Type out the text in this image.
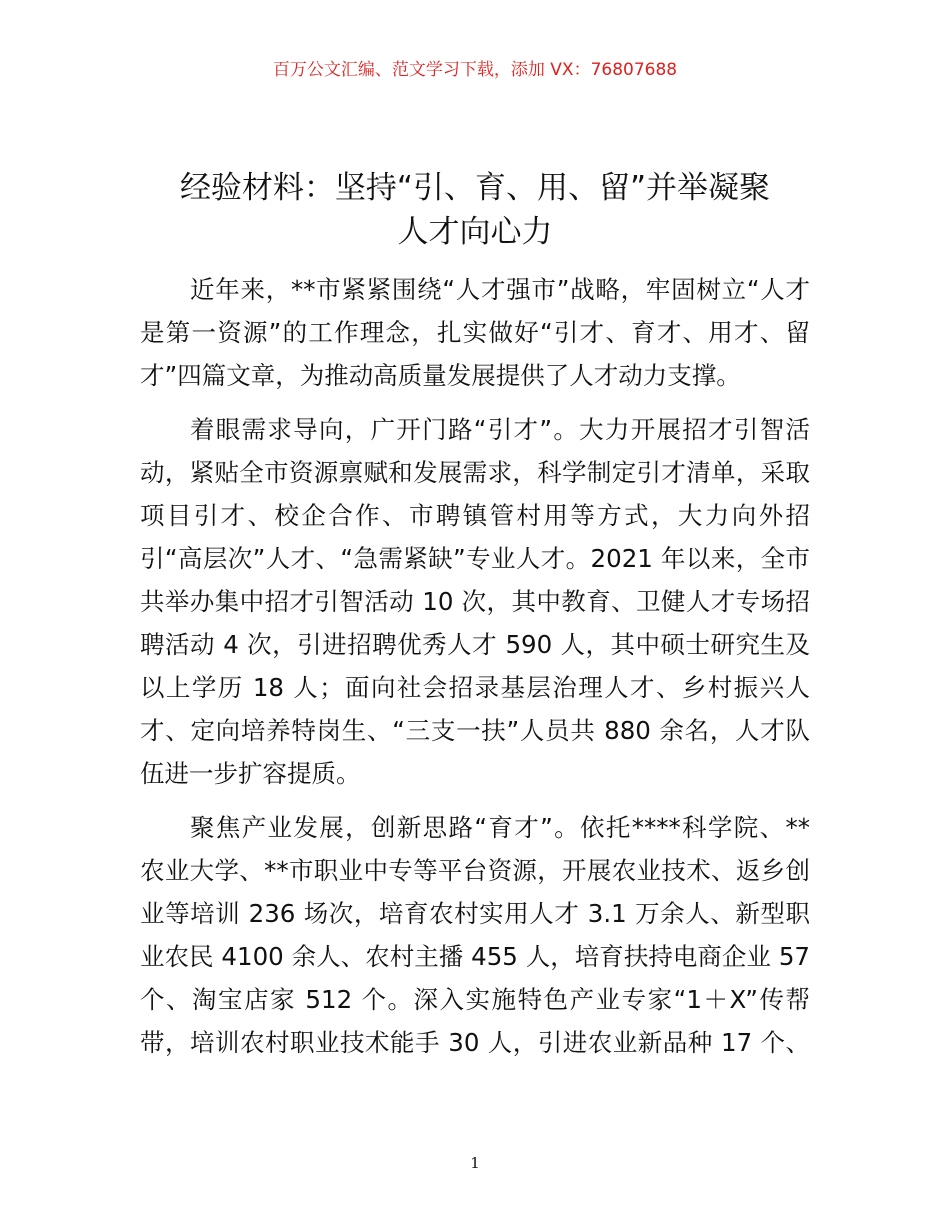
百万公文汇编、范文学习下载，添加 VX：76807688
经验材料：坚持“引、育、用、留”并举凝聚
人才向心力
近年来，**市紧紧围绕“人才强市”战略，牢固树立“人才
是第一资源”的工作理念，扎实做好“引才、育才、用才、留
才”四篇文章，为推动高质量发展提供了人才动力支撑。
着眼需求导向，广开门路“引才”。大力开展招才引智活
动，紧贴全市资源禀赋和发展需求，科学制定引才清单，采取
项目引才、校企合作、市聘镇管村用等方式，大力向外招
引“高层次”人才、“急需紧缺”专业人才。2021 年以来，全市
共举办集中招才引智活动 10 次，其中教育、卫健人才专场招
聘活动 4 次，引进招聘优秀人才 590 人，其中硕士研究生及
以上学历 18 人；面向社会招录基层治理人才、乡村振兴人
才、定向培养特岗生、“三支一扶”人员共 880 余名，人才队
伍进一步扩容提质。
聚焦产业发展，创新思路“育才”。依托****科学院、**
农业大学、**市职业中专等平台资源，开展农业技术、返乡创
业等培训 236 场次，培育农村实用人才 3.1 万余人、新型职
业农民 4100 余人、农村主播 455 人，培育扶持电商企业 57
个、淘宝店家 512 个。深入实施特色产业专家“1＋X”传帮
带，培训农村职业技术能手 30 人，引进农业新品种 17 个、
1
